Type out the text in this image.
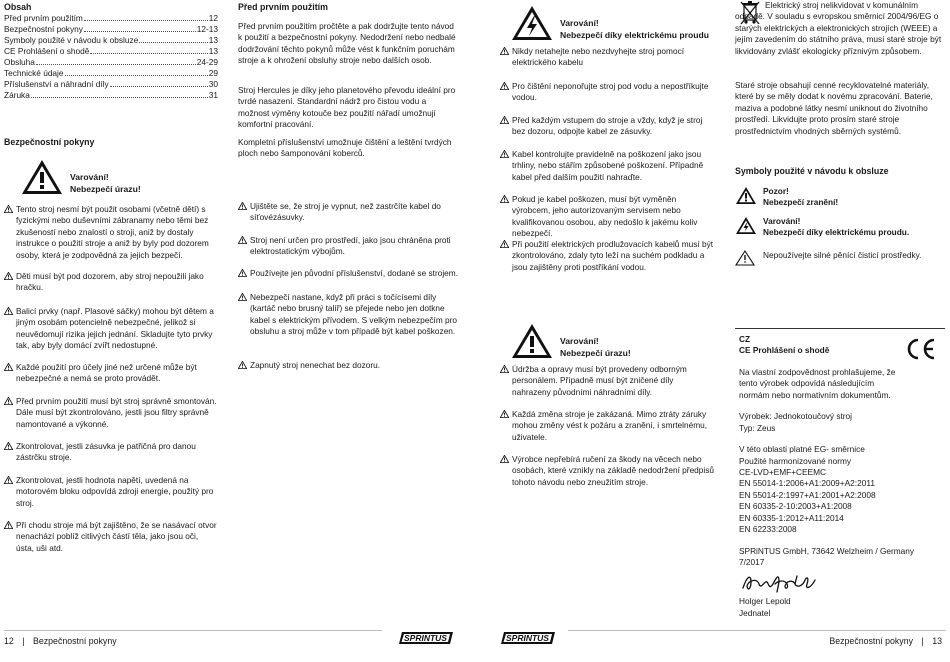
Obsah
Před prvním použitím	12
Bezpečnostní pokyny	12-13
Symboly použité v návodu k obsluze	13
CE Prohlášení o shodě	13
Obsluha	24-29
Technické údaje	29
Příslušenství a náhradní díly	30
Záruka	31
Bezpečnostní pokyny
Varování!
Nebezpečí úrazu!
Tento stroj nesmí být použit osobami (včetně dětí) s fyzickými nebo duševními zábranamy nebo těmi bez zkušeností nebo znalostí o stroji, aniž by dostaly instrukce o použití stroje a aniž by byly pod dozorem osoby, která je zodpovědná za jejich bezpečí.
Děti musí být pod dozorem, aby stroj nepoužili jako hračku.
Balicí prvky (např. Plasové sáčky) mohou být dětem a jiným osobám potencielně nebezpečné, jelikož si neuvědomují rizika jejich jednání. Skladujte tyto prvky tak, aby byly domácí zvířt nedostupné.
Každé použití pro účely jiné než určené může být nebezpečné a nemá se proto provádět.
Před prvním použití musí být stroj správně smontován. Dále musí být zkontrolováno, jestli jsou filtry správně namontované a výkonné.
Zkontrolovat, jestli zásuvka je patřičná pro danou zástrčku stroje.
Zkontrolovat, jestli hodnota napětí, uvedená na motorovém bloku odpovídá zdroji energie, použitý pro stroj.
Při chodu stroje má být zajištěno, že se nasávací otvor nenachází poblíž citlivých částí těla, jako jsou oči, ústa, uši atd.
Před prvním použitím
Před prvním použitím pročtěte a pak dodržujte tento návod k použití a bezpečnostní pokyny. Nedodržení nebo nedbalé dodržování těchto pokynů může vést k funkčním poruchám stroje a k ohrožení obsluhy stroje nebo dalších osob.
Stroj Hercules je díky jeho planetového převodu ideální pro tvrdé nasazení. Standardní nádrž pro čistou vodu a možnost výměny kotouče bez použití nářadí umožnují komfortní pracování.
Kompletní příslušenství umožnuje čištění a leštění tvrdých ploch nebo šamponování koberců.
Ujištěte se, že stroj je vypnut, než zastrčíte kabel do síťovézásuvky.
Stroj není určen pro prostředí, jako jsou chráněna proti elektrostatickým výbojům.
Používejte jen původní příslušenství, dodané se strojem.
Nebezpečí nastane, když při práci s točícísemi díly (kartáč nebo brusný talíř) se přejede nebo jen dotkne kabel s elektrickým přívodem. S velkým nebezpečím pro obsluhu a stroj může v tom případě být kabel poškozen.
Zapnutý stroj nenechat bez dozoru.
Varování!
Nebezpečí díky elektrickému proudu
Nikdy netahejte nebo nezdvyhejte stroj pomocí elektrického kabelu
Pro čištění neponořujte stroj pod vodu a nepostříkujte vodou.
Před každým vstupem do stroje a vždy, když je stroj bez dozoru, odpojte kabel ze zásuvky.
Kabel kontrolujte pravidelně na poškození jako jsou trhliny, nebo stářím způsobené poškození. Případně kabel před dalším použití nahraďte.
Pokud je kabel poškozen, musí být vyměněn výrobcem, jeho autorizovaným servisem nebo kvalifikovanou osobou, aby nedošlo k jakému koliv nebezpečí.
Při použití elektrických prodlužovacích kabelů musí být zkontrolováno, zdaly tyto leží na suchém podkladu a jsou zajištěny proti postříkání vodou.
Varování!
Nebezpečí úrazu!
Údržba a opravy musí být provedeny odborným personálem. Případně musí být zničené díly nahrazeny původními náhradními díly.
Každá změna stroje je zakázaná. Mimo ztráty záruky mohou změny vést k požáru a zranění, i smrtelnému, uživatele.
Výrobce nepřebírá ručení za škody na věcech nebo osobách, které vznikly na základě nedodržení předpisů tohoto návodu nebo zneužitím stroje.
Elektrický stroj nelikvidovat v komunálním odpadě. V souladu s evropskou směrnicí 2004/96/EG o starých elektrických a elektronických strojích (WEEE) a jejím zavedením do státního práva, musí staré stroje být likvidovány zvlášť ekologicky příznivým způsobem.
Staré stroje obsahují cenné recyklovatelné materiály, které by se měly dodat k novému zpracování. Baterie, maziva a podobné látky nesmí uniknout do životního prostředí. Likvidujte proto prosím staré stroje prostřednictvím vhodných sběrných systémů.
Symboly použité v návodu k obsluze
Pozor!
Nebezpečí zranění!
Varování!
Nebezpečí díky elektrickému proudu.
Nepoužívejte silné pěnící čisticí prostředky.
CZ
CE Prohlášení o shodě
Na vlastní zodpovědnost prohlašujeme, že tento výrobek odpovídá následujícím normám nebo normativním dokumentům.
Výrobek: Jednokotoučový stroj
Typ: Zeus
V této oblasti platné EG- směrnice
Použité harmonizované normy
CE-LVD+EMF+CEEMC
EN 55014-1:2006+A1:2009+A2:2011
EN 55014-2:1997+A1:2001+A2:2008
EN 60335-2-10:2003+A1:2008
EN 60335-1:2012+A11:2014
EN 62233:2008
SPRiNTUS GmbH, 73642 Welzheim / Germany
7/2017
Holger Lepold
Jednatel
12 | Bezpečnostní pokyny	Bezpečnostní pokyny | 13
SPRINTUS	SPRINTUS
